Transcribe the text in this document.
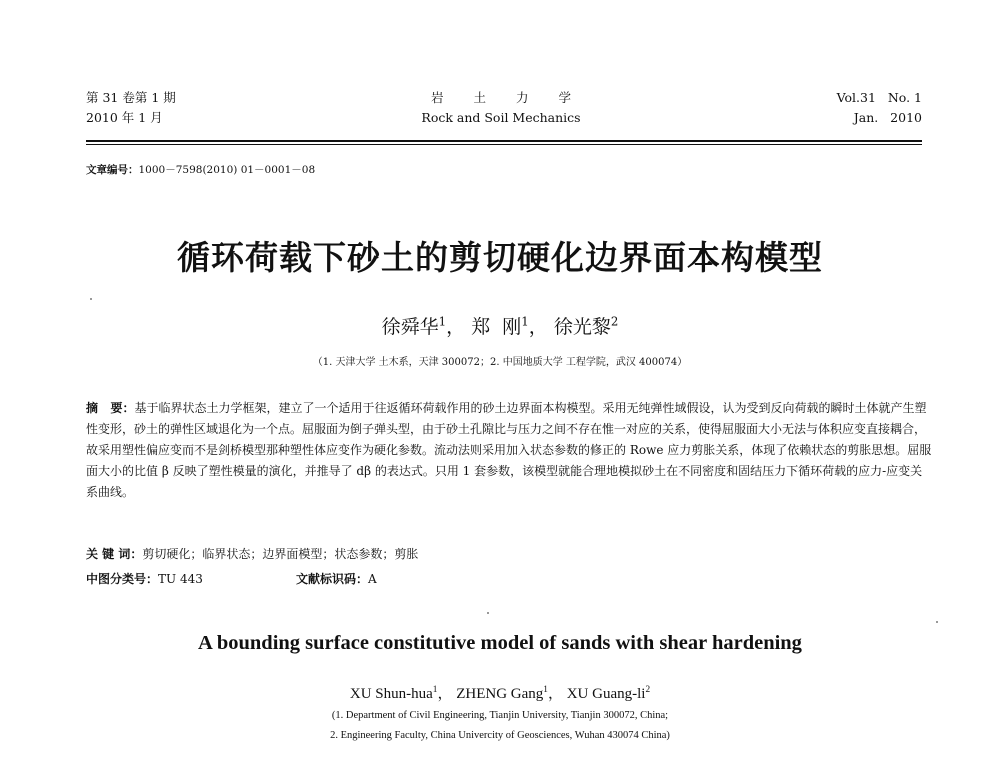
第 31 卷第 1 期
2010 年 1 月
岩土力学
Rock and Soil Mechanics
Vol.31   No. 1
Jan.   2010
文章编号：1000－7598(2010) 01－0001－08
循环荷载下砂土的剪切硬化边界面本构模型
徐舜华$^1$， 郑  刚$^1$， 徐光黎$^2$
（1. 天津大学 土木系，天津 300072；2. 中国地质大学 工程学院，武汉 400074）
摘   要：基于临界状态土力学框架，建立了一个适用于往返循环荷载作用的砂土边界面本构模型。采用无纯弹性域假设，认为受到反向荷载的瞬时土体就产生塑性变形，砂土的弹性区域退化为一个点。屈服面为倒子弹头型，由于砂土孔隙比与压力之间不存在惟一对应的关系，使得屈服面大小无法与体积应变直接耦合，故采用塑性偏应变而不是剑桥模型那种塑性体应变作为硬化参数。流动法则采用加入状态参数的修正的 Rowe 应力剪胀关系，体现了依赖状态的剪胀思想。屈服面大小的比值 β 反映了塑性模量的演化，并推导了 dβ 的表达式。只用 1 套参数，该模型就能合理地模拟砂土在不同密度和固结压力下循环荷载的应力-应变关系曲线。
关 键 词：剪切硬化；临界状态；边界面模型；状态参数；剪胀
中图分类号：TU 443	文献标识码：A
A bounding surface constitutive model of sands with shear hardening
XU Shun-hua$^1$， ZHENG Gang$^1$， XU Guang-$li^2$
(1. Department of Civil Engineering, Tianjin University, Tianjin 300072, China;
2. Engineering Faculty, China Univercity of Geosciences, Wuhan 430074 China)
